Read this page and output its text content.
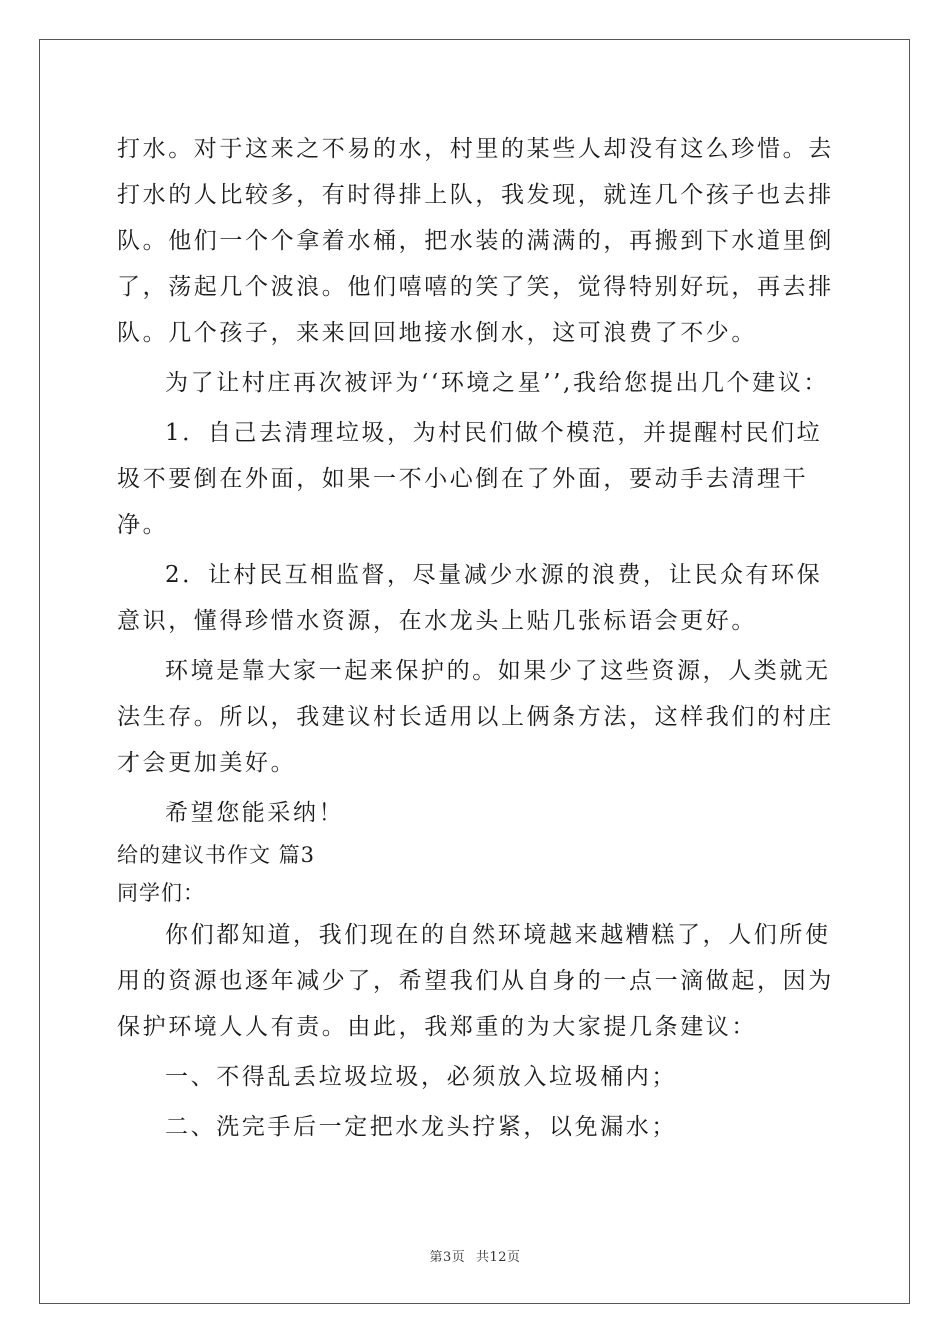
打水。对于这来之不易的水，村里的某些人却没有这么珍惜。去打水的人比较多，有时得排上队，我发现，就连几个孩子也去排队。他们一个个拿着水桶，把水装的满满的，再搬到下水道里倒了，荡起几个波浪。他们嘻嘻的笑了笑，觉得特别好玩，再去排队。几个孩子，来来回回地接水倒水，这可浪费了不少。

为了让村庄再次被评为‘‘环境之星’’,我给您提出几个建议：

1．自己去清理垃圾，为村民们做个模范，并提醒村民们垃圾不要倒在外面，如果一不小心倒在了外面，要动手去清理干净。

2．让村民互相监督，尽量减少水源的浪费，让民众有环保意识，懂得珍惜水资源，在水龙头上贴几张标语会更好。

环境是靠大家一起来保护的。如果少了这些资源，人类就无法生存。所以，我建议村长适用以上俩条方法，这样我们的村庄才会更加美好。

希望您能采纳！

给的建议书作文 篇3

同学们：

你们都知道，我们现在的自然环境越来越糟糕了，人们所使用的资源也逐年减少了，希望我们从自身的一点一滴做起，因为保护环境人人有责。由此，我郑重的为大家提几条建议：

一、不得乱丢垃圾垃圾，必须放入垃圾桶内；

二、洗完手后一定把水龙头拧紧，以免漏水；

第3页 共12页
